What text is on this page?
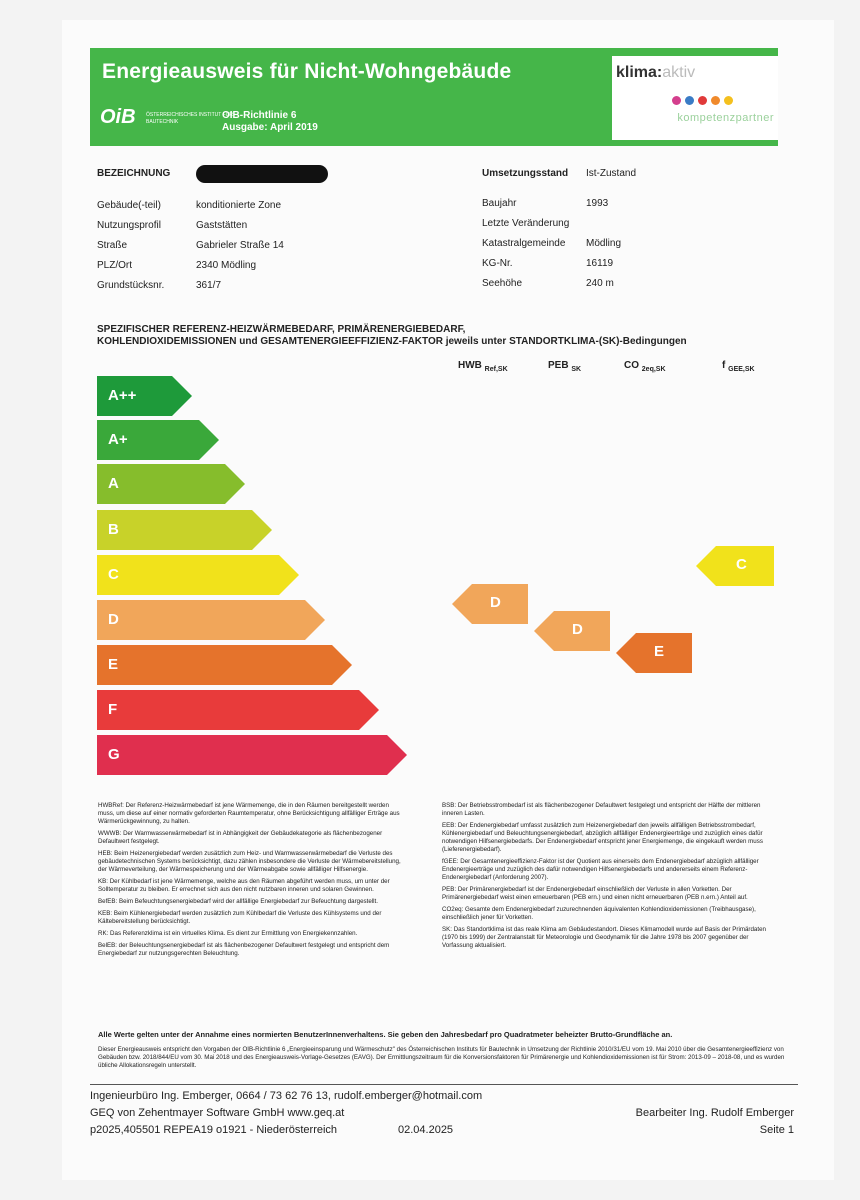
Energieausweis für Nicht-Wohngebäude
OiB ÖSTERREICHISCHES INSTITUT FÜR BAUTECHNIK
OIB-Richtlinie 6
Ausgabe: April 2019
klima:aktiv
kompetenzpartner
BEZEICHNUNG
Gebäude(-teil)	konditionierte Zone
Nutzungsprofil	Gaststätten
Straße	Gabrieler Straße 14
PLZ/Ort	2340 Mödling
Grundstücksnr.	361/7
Umsetzungsstand Ist-Zustand
Baujahr	1993
Letzte Veränderung
Katastralgemeinde Mödling
KG-Nr.	16119
Seehöhe	240 m
SPEZIFISCHER REFERENZ-HEIZWÄRMEBEDARF, PRIMÄRENERGIEBEDARF,
KOHLENDIOXIDEMISSIONEN und GESAMTENERGIEEFFIZIENZ-FAKTOR jeweils unter STANDORTKLIMA-(SK)-Bedingungen
HWB $_{Ref,SK}$	PEB $_{SK}$	CO $_{2eq,SK}$	f $_{GEE,SK}$
A++
A+
A
B
C
D
E
F
G
D
D
E
C

HWBRef: Der Referenz-Heizwärmebedarf ist jene Wärmemenge, die in den Räumen bereitgestellt werden muss, um diese auf einer normativ geforderten Raumtemperatur, ohne Berücksichtigung allfälliger Erträge aus Wärmerückgewinnung, zu halten.

WWWB: Der Warmwasserwärmebedarf ist in Abhängigkeit der Gebäudekategorie als flächenbezogener Defaultwert festgelegt.

HEB: Beim Heizenergiebedarf werden zusätzlich zum Heiz- und Warmwasserwärmebedarf die Verluste des gebäudetechnischen Systems berücksichtigt, dazu zählen insbesondere die Verluste der Wärmebereitstellung, der Wärmeverteilung, der Wärmespeicherung und der Wärmeabgabe sowie allfälliger Hilfsenergie.

KB: Der Kühlbedarf ist jene Wärmemenge, welche aus den Räumen abgeführt werden muss, um unter der Solltemperatur zu bleiben. Er errechnet sich aus den nicht nutzbaren inneren und solaren Gewinnen.

BefEB: Beim Befeuchtungsenergiebedarf wird der allfällige Energiebedarf zur Befeuchtung dargestellt.

KEB: Beim Kühlenergiebedarf werden zusätzlich zum Kühlbedarf die Verluste des Kühlsystems und der Kältebereitstellung berücksichtigt.

RK: Das Referenzklima ist ein virtuelles Klima. Es dient zur Ermittlung von Energiekennzahlen.

BelEB: der Beleuchtungsenergiebedarf ist als flächenbezogener Defaultwert festgelegt und entspricht dem Energiebedarf zur nutzungsgerechten Beleuchtung.

BSB: Der Betriebsstrombedarf ist als flächenbezogener Defaultwert festgelegt und entspricht der Hälfte der mittleren inneren Lasten.

EEB: Der Endenergiebedarf umfasst zusätzlich zum Heizenergiebedarf den jeweils allfälligen Betriebsstrombedarf, Kühlenergiebedarf und Beleuchtungsenergiebedarf, abzüglich allfälliger Endenergieerträge und zuzüglich eines dafür notwendigen Hilfsenergiebedarfs. Der Endenergiebedarf entspricht jener Energiemenge, die eingekauft werden muss (Lieferenergiebedarf).

fGEE: Der Gesamtenergieeffizienz-Faktor ist der Quotient aus einerseits dem Endenergiebedarf abzüglich allfälliger Endenergieerträge und zuzüglich des dafür notwendigen Hilfsenergiebedarfs und andererseits einem Referenz-Endenergiebedarf (Anforderung 2007).

PEB: Der Primärenergiebedarf ist der Endenergiebedarf einschließlich der Verluste in allen Vorketten. Der Primärenergiebedarf weist einen erneuerbaren (PEB ern.) und einen nicht erneuerbaren (PEB n.ern.) Anteil auf.

CO2eq: Gesamte dem Endenergiebedarf zuzurechnenden äquivalenten Kohlendioxidemissionen (Treibhausgase), einschließlich jener für Vorketten.

SK: Das Standortklima ist das reale Klima am Gebäudestandort. Dieses Klimamodell wurde auf Basis der Primärdaten (1970 bis 1999) der Zentralanstalt für Meteorologie und Geodynamik für die Jahre 1978 bis 2007 gegenüber der Vorfassung aktualisiert.

Alle Werte gelten unter der Annahme eines normierten BenutzerInnenverhaltens. Sie geben den Jahresbedarf pro Quadratmeter beheizter Brutto-Grundfläche an.
Dieser Energieausweis entspricht den Vorgaben der OIB-Richtlinie 6 „Energieeinsparung und Wärmeschutz" des Österreichischen Instituts für Bautechnik in Umsetzung der Richtlinie 2010/31/EU vom 19. Mai 2010 über die Gesamtenergieeffizienz von Gebäuden bzw. 2018/844/EU vom 30. Mai 2018 und des Energieausweis-Vorlage-Gesetzes (EAVG). Der Ermittlungszeitraum für die Konversionsfaktoren für Primärenergie und Kohlendioxidemissionen ist für Strom: 2013-09 – 2018-08, und es wurden übliche Allokationsregeln unterstellt.
Ingenieurbüro Ing. Emberger, 0664 / 73 62 76 13, rudolf.emberger@hotmail.com
GEQ von Zehentmayer Software GmbH www.geq.at
p2025,405501 REPEA19 o1921 - Niederösterreich	02.04.2025
Bearbeiter Ing. Rudolf Emberger
Seite 1
